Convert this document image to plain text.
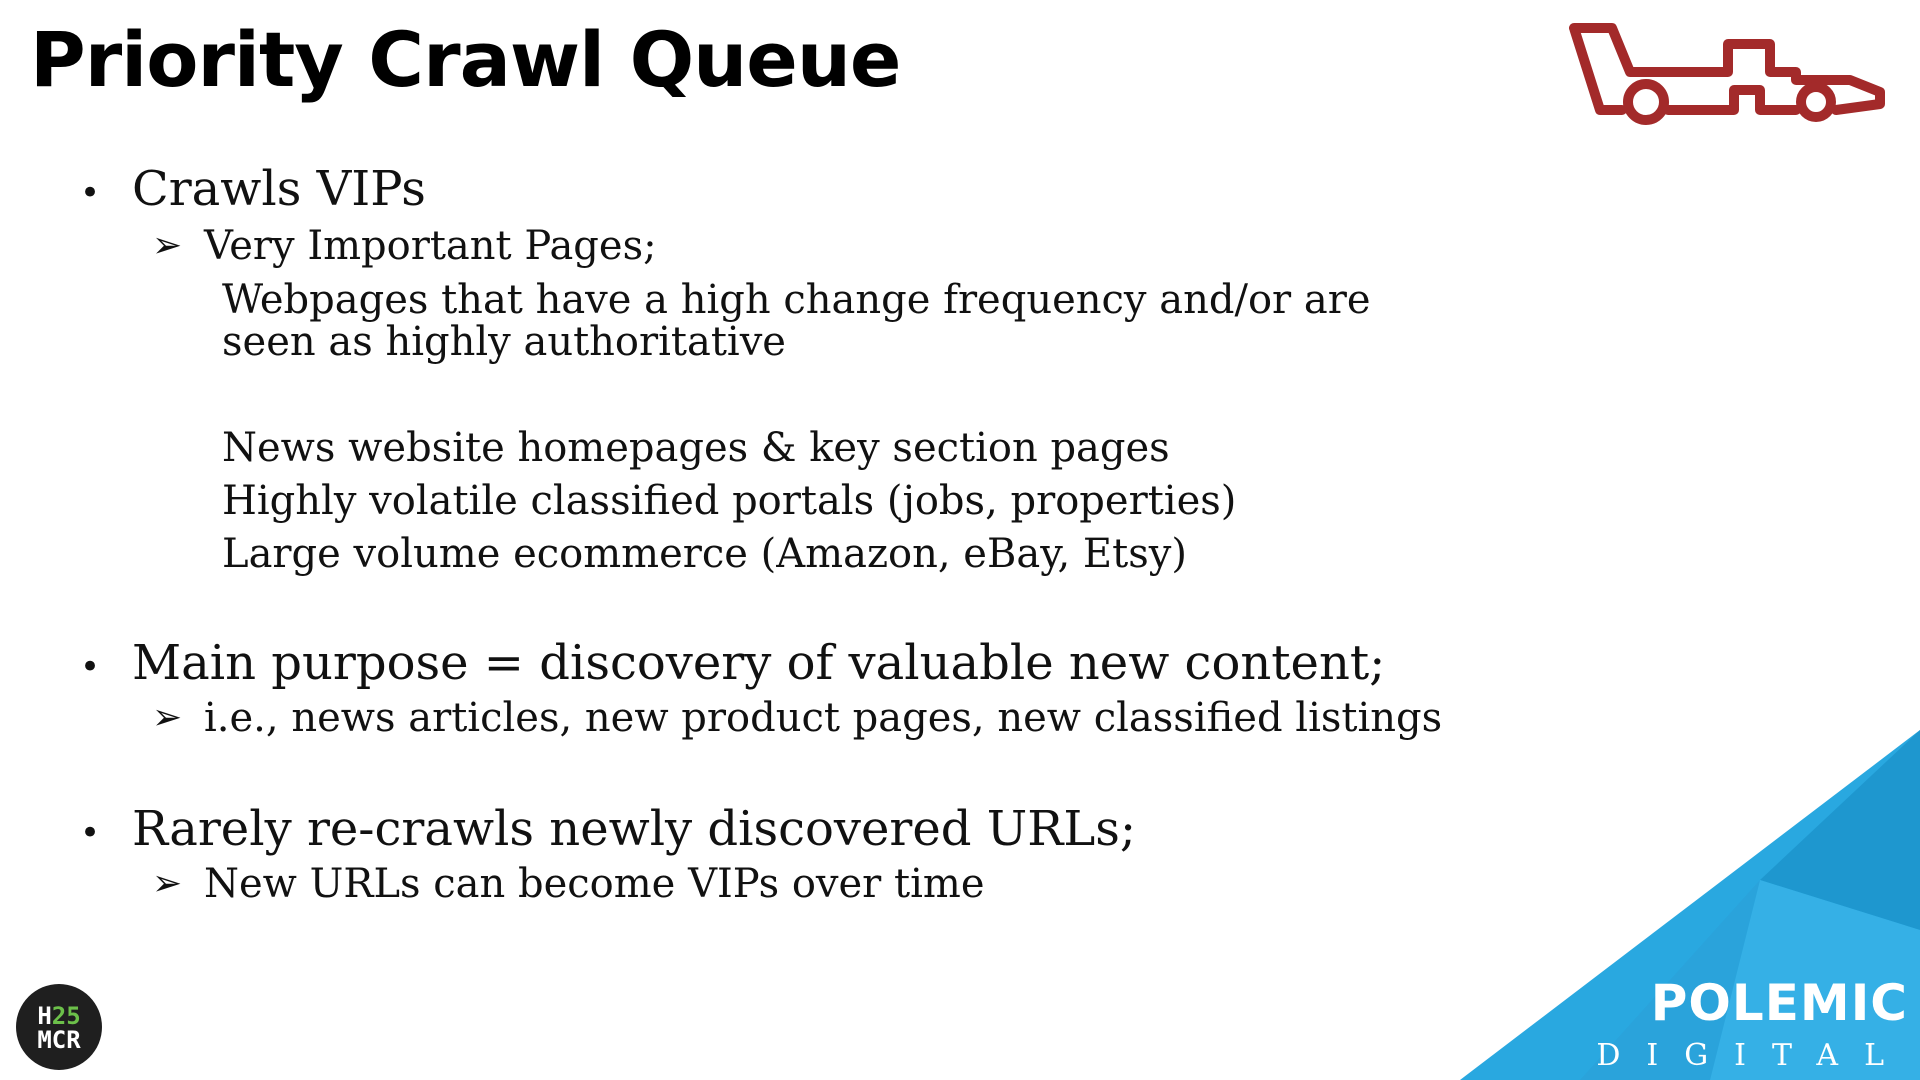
Priority Crawl Queue
• Crawls VIPs
➢ Very Important Pages;
Webpages that have a high change frequency and/or are
seen as highly authoritative
News website homepages & key section pages
Highly volatile classified portals (jobs, properties)
Large volume ecommerce (Amazon, eBay, Etsy)
• Main purpose = discovery of valuable new content;
➢ i.e., news articles, new product pages, new classified listings
• Rarely re-crawls newly discovered URLs;
➢ New URLs can become VIPs over time
POLEMIC
DIGITAL
H25
MCR
